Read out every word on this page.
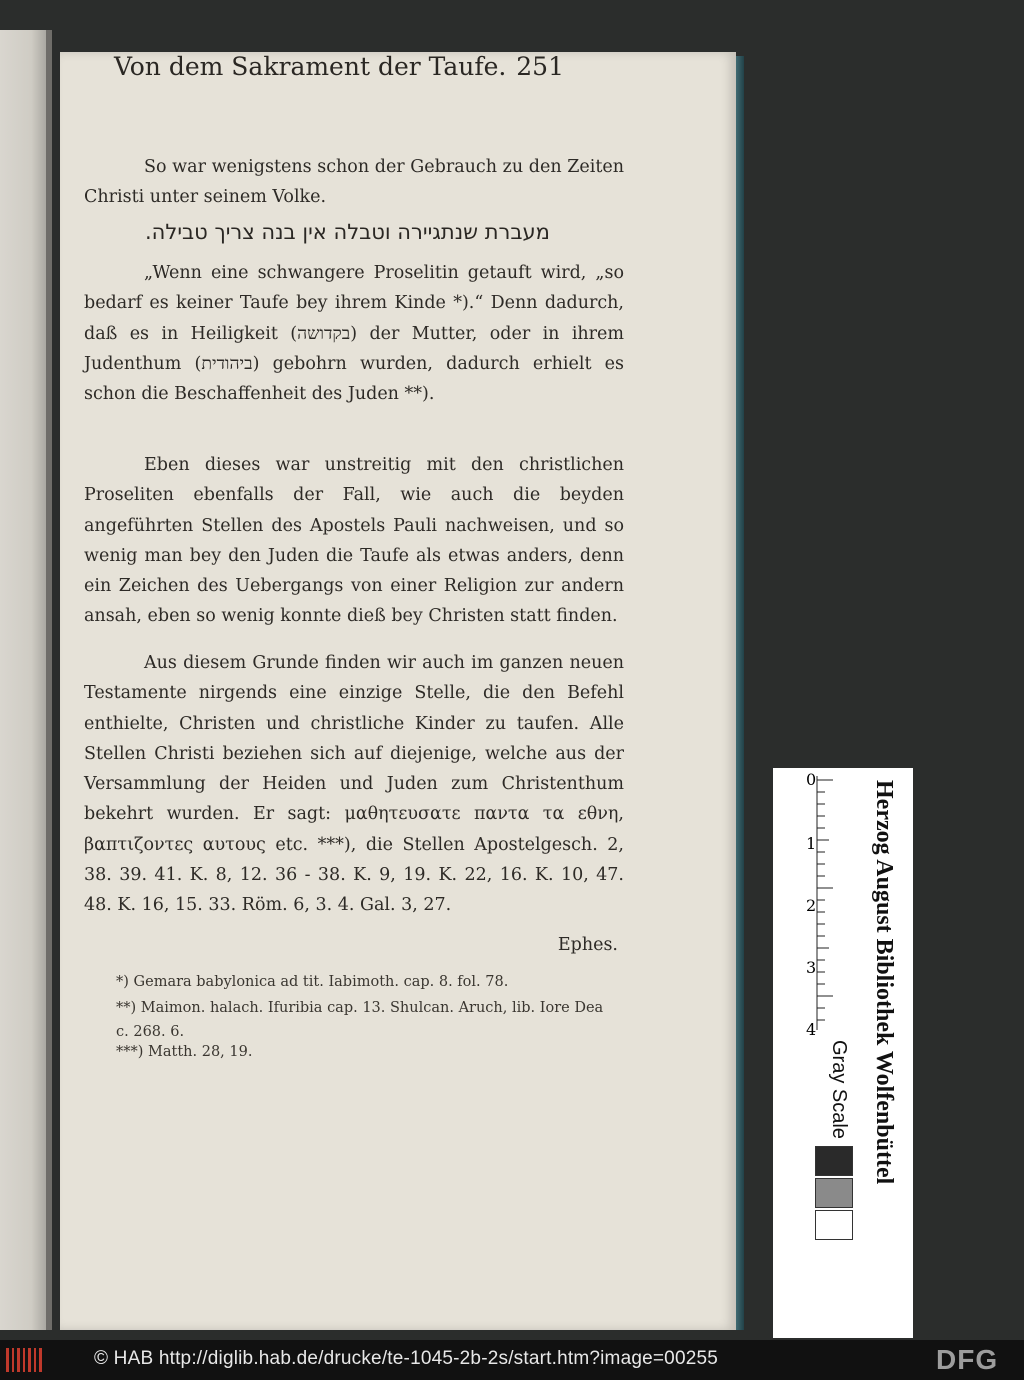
Von dem Sakrament der Taufe. 251
So war wenigstens schon der Gebrauch zu den Zeiten Christi unter seinem Volke.
מעברת שנתגיירה וטבלה אין בנה צריך טבילה.
„Wenn eine schwangere Proselitin getauft wird, „so bedarf es keiner Taufe bey ihrem Kinde *).“ Denn dadurch, daß es in Heiligkeit (בקדושה) der Mutter, oder in ihrem Judenthum (ביהודית) gebohrn wurden, dadurch erhielt es schon die Beschaffenheit des Juden **).
Eben dieses war unstreitig mit den christlichen Proseliten ebenfalls der Fall, wie auch die beyden angeführten Stellen des Apostels Pauli nachweisen, und so wenig man bey den Juden die Taufe als etwas anders, denn ein Zeichen des Uebergangs von einer Religion zur andern ansah, eben so wenig konnte dieß bey Christen statt finden.
Aus diesem Grunde finden wir auch im ganzen neuen Testamente nirgends eine einzige Stelle, die den Befehl enthielte, Christen und christliche Kinder zu taufen. Alle Stellen Christi beziehen sich auf diejenige, welche aus der Versammlung der Heiden und Juden zum Christenthum bekehrt wurden. Er sagt: μαθητευσατε παντα τα εθνη, βαπτιζοντες αυτους etc. ***), die Stellen Apostelgesch. 2, 38. 39. 41. K. 8, 12. 36 - 38. K. 9, 19. K. 22, 16. K. 10, 47. 48. K. 16, 15. 33. Röm. 6, 3. 4. Gal. 3, 27.
Ephes.
*) Gemara babylonica ad tit. Iabimoth. cap. 8. fol. 78.
**) Maimon. halach. Ifuribia cap. 13. Shulcan. Aruch, lib. Iore Dea c. 268. 6.
***) Matth. 28, 19.
0
1
2
3
4 Herzog August Bibliothek Wolfenbüttel
Gray Scale
© HAB http://diglib.hab.de/drucke/te-1045-2b-2s/start.htm?image=00255	DFG
